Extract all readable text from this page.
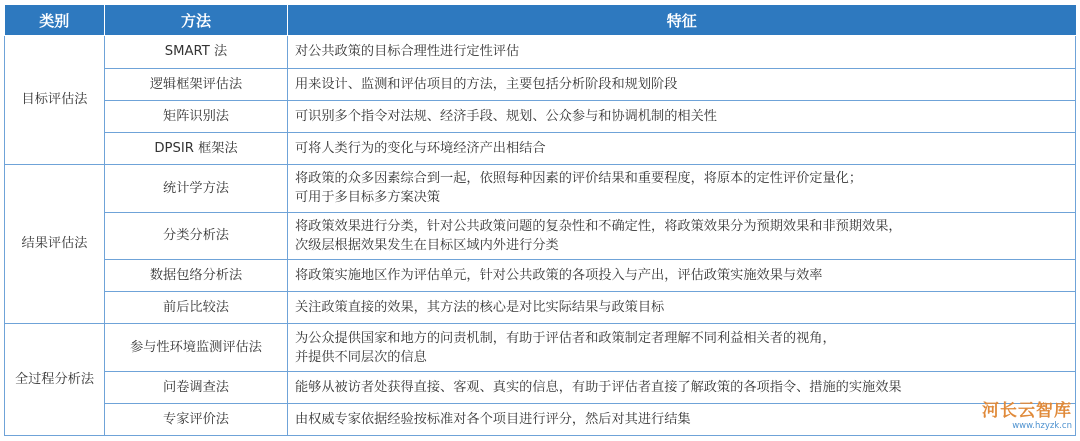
类别	方法	特征
目标评估法	SMART 法	对公共政策的目标合理性进行定性评估

	逻辑框架评估法	用来设计、监测和评估项目的方法，主要包括分析阶段和规划阶段

	矩阵识别法	可识别多个指令对法规、经济手段、规划、公众参与和协调机制的相关性

	DPSIR 框架法	可将人类行为的变化与环境经济产出相结合

结果评估法	统计学方法	将政策的众多因素综合到一起，依照每种因素的评价结果和重要程度，将原本的定性评价定量化；
可用于多目标多方案决策

	分类分析法	将政策效果进行分类，针对公共政策问题的复杂性和不确定性，将政策效果分为预期效果和非预期效果，
次级层根据效果发生在目标区域内外进行分类

	数据包络分析法	将政策实施地区作为评估单元，针对公共政策的各项投入与产出，评估政策实施效果与效率

	前后比较法	关注政策直接的效果，其方法的核心是对比实际结果与政策目标

全过程分析法	参与性环境监测评估法	为公众提供国家和地方的问责机制，有助于评估者和政策制定者理解不同利益相关者的视角，
并提供不同层次的信息

	问卷调查法	能够从被访者处获得直接、客观、真实的信息，有助于评估者直接了解政策的各项指令、措施的实施效果

	专家评价法	由权威专家依据经验按标准对各个项目进行评分，然后对其进行结集	河长云智库
www.hzyzk.cn
